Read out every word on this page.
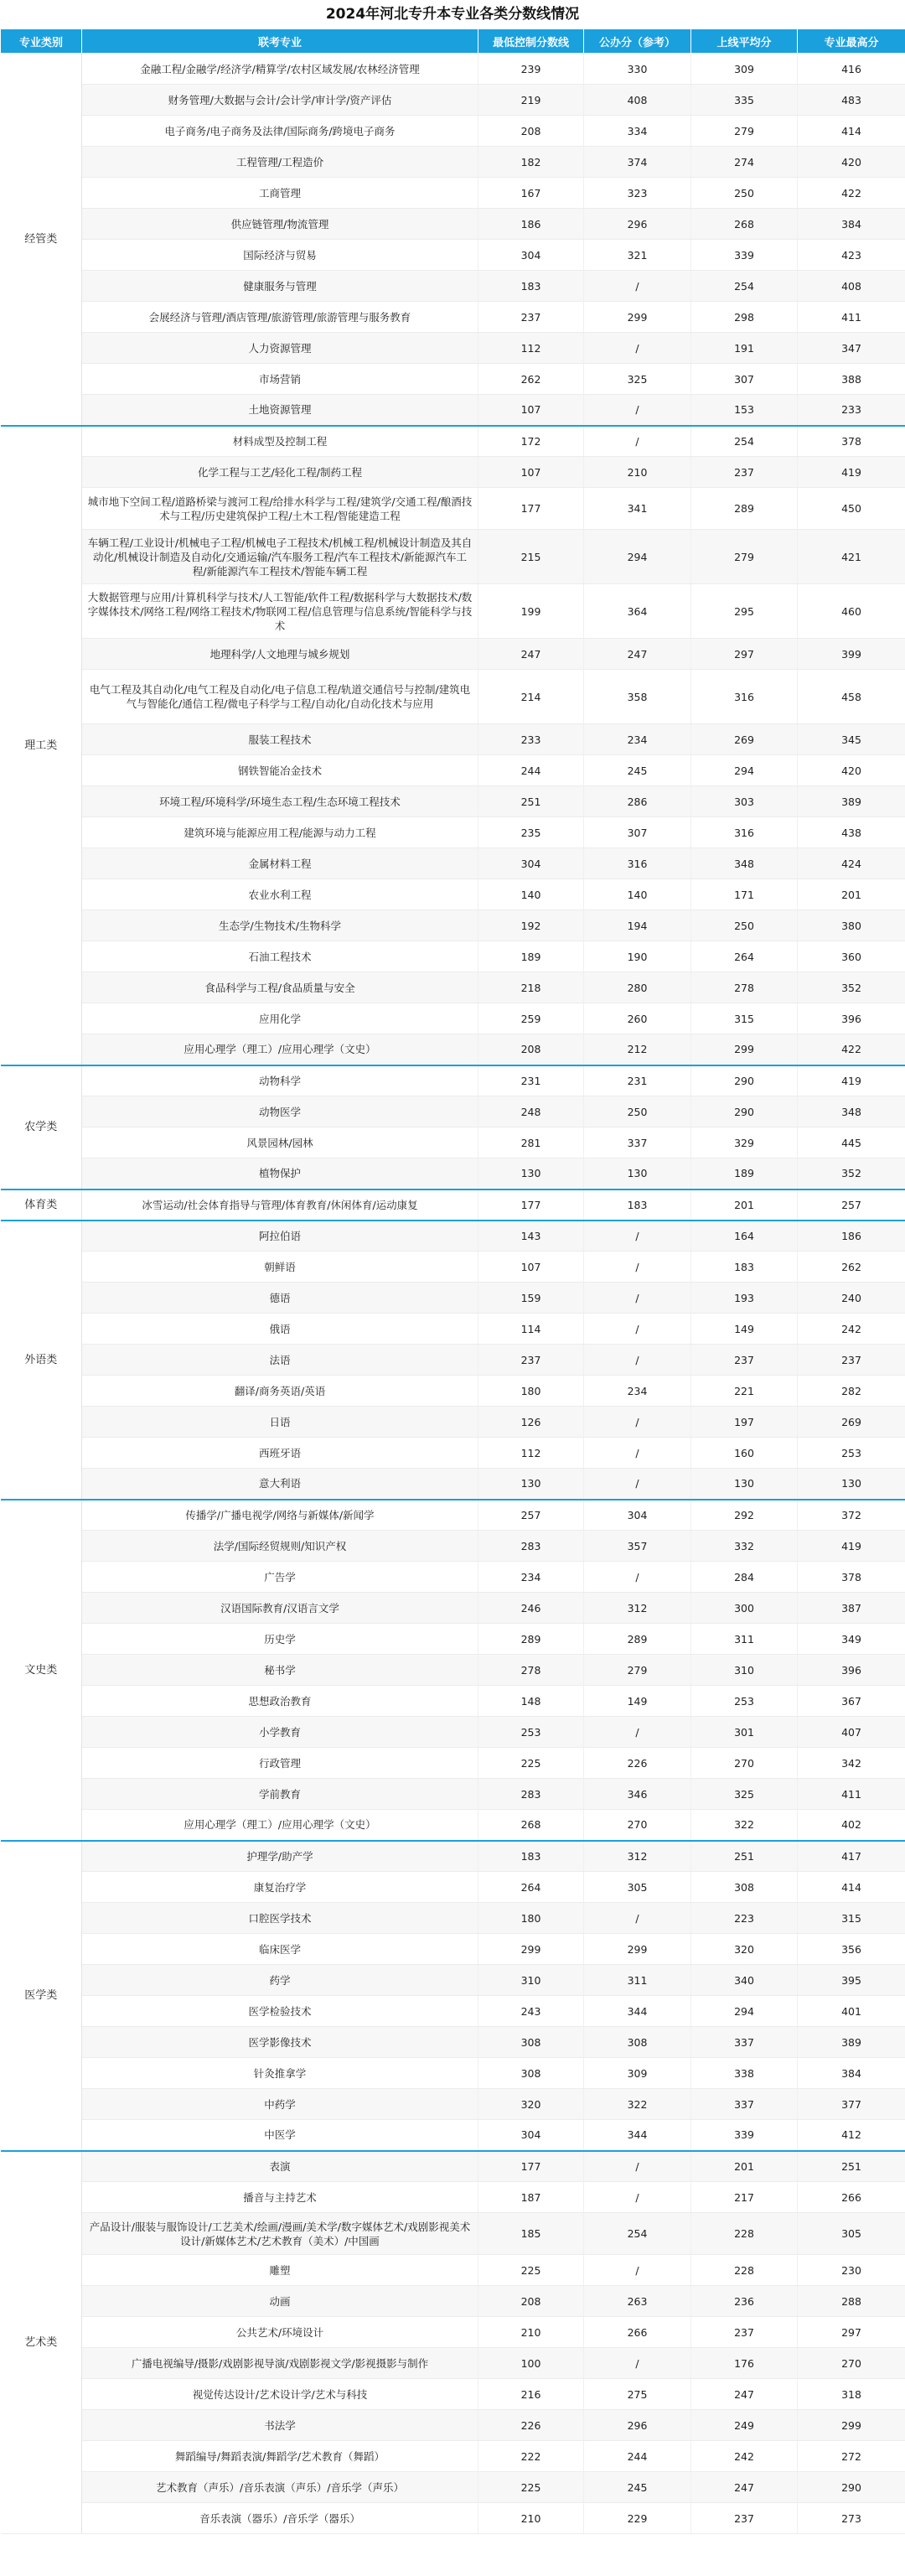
2024年河北专升本专业各类分数线情况
专业类别	联考专业	最低控制分数线	公办分（参考）	上线平均分	专业最高分
经管类	金融工程/金融学/经济学/精算学/农村区域发展/农林经济管理	239	330	309	416
	财务管理/大数据与会计/会计学/审计学/资产评估	219	408	335	483
	电子商务/电子商务及法律/国际商务/跨境电子商务	208	334	279	414
	工程管理/工程造价	182	374	274	420
	工商管理	167	323	250	422
	供应链管理/物流管理	186	296	268	384
	国际经济与贸易	304	321	339	423
	健康服务与管理	183	/	254	408
	会展经济与管理/酒店管理/旅游管理/旅游管理与服务教育	237	299	298	411
	人力资源管理	112	/	191	347
	市场营销	262	325	307	388
	土地资源管理	107	/	153	233
理工类	材料成型及控制工程	172	/	254	378
	化学工程与工艺/轻化工程/制药工程	107	210	237	419
	城市地下空间工程/道路桥梁与渡河工程/给排水科学与工程/建筑学/交通工程/酿酒技术与工程/历史建筑保护工程/土木工程/智能建造工程	177	341	289	450
	车辆工程/工业设计/机械电子工程/机械电子工程技术/机械工程/机械设计制造及其自动化/机械设计制造及自动化/交通运输/汽车服务工程/汽车工程技术/新能源汽车工程/新能源汽车工程技术/智能车辆工程	215	294	279	421
	大数据管理与应用/计算机科学与技术/人工智能/软件工程/数据科学与大数据技术/数字媒体技术/网络工程/网络工程技术/物联网工程/信息管理与信息系统/智能科学与技术	199	364	295	460
	地理科学/人文地理与城乡规划	247	247	297	399
	电气工程及其自动化/电气工程及自动化/电子信息工程/轨道交通信号与控制/建筑电气与智能化/通信工程/微电子科学与工程/自动化/自动化技术与应用	214	358	316	458
	服装工程技术	233	234	269	345
	钢铁智能冶金技术	244	245	294	420
	环境工程/环境科学/环境生态工程/生态环境工程技术	251	286	303	389
	建筑环境与能源应用工程/能源与动力工程	235	307	316	438
	金属材料工程	304	316	348	424
	农业水利工程	140	140	171	201
	生态学/生物技术/生物科学	192	194	250	380
	石油工程技术	189	190	264	360
	食品科学与工程/食品质量与安全	218	280	278	352
	应用化学	259	260	315	396
	应用心理学（理工）/应用心理学（文史）	208	212	299	422
农学类	动物科学	231	231	290	419
	动物医学	248	250	290	348
	风景园林/园林	281	337	329	445
	植物保护	130	130	189	352
体育类	冰雪运动/社会体育指导与管理/体育教育/休闲体育/运动康复	177	183	201	257
外语类	阿拉伯语	143	/	164	186
	朝鲜语	107	/	183	262
	德语	159	/	193	240
	俄语	114	/	149	242
	法语	237	/	237	237
	翻译/商务英语/英语	180	234	221	282
	日语	126	/	197	269
	西班牙语	112	/	160	253
	意大利语	130	/	130	130
文史类	传播学/广播电视学/网络与新媒体/新闻学	257	304	292	372
	法学/国际经贸规则/知识产权	283	357	332	419
	广告学	234	/	284	378
	汉语国际教育/汉语言文学	246	312	300	387
	历史学	289	289	311	349
	秘书学	278	279	310	396
	思想政治教育	148	149	253	367
	小学教育	253	/	301	407
	行政管理	225	226	270	342
	学前教育	283	346	325	411
	应用心理学（理工）/应用心理学（文史）	268	270	322	402
医学类	护理学/助产学	183	312	251	417
	康复治疗学	264	305	308	414
	口腔医学技术	180	/	223	315
	临床医学	299	299	320	356
	药学	310	311	340	395
	医学检验技术	243	344	294	401
	医学影像技术	308	308	337	389
	针灸推拿学	308	309	338	384
	中药学	320	322	337	377
	中医学	304	344	339	412
艺术类	表演	177	/	201	251
	播音与主持艺术	187	/	217	266
	产品设计/服装与服饰设计/工艺美术/绘画/漫画/美术学/数字媒体艺术/戏剧影视美术设计/新媒体艺术/艺术教育（美术）/中国画	185	254	228	305
	雕塑	225	/	228	230
	动画	208	263	236	288
	公共艺术/环境设计	210	266	237	297
	广播电视编导/摄影/戏剧影视导演/戏剧影视文学/影视摄影与制作	100	/	176	270
	视觉传达设计/艺术设计学/艺术与科技	216	275	247	318
	书法学	226	296	249	299
	舞蹈编导/舞蹈表演/舞蹈学/艺术教育（舞蹈）	222	244	242	272
	艺术教育（声乐）/音乐表演（声乐）/音乐学（声乐）	225	245	247	290
	音乐表演（器乐）/音乐学（器乐）	210	229	237	273
